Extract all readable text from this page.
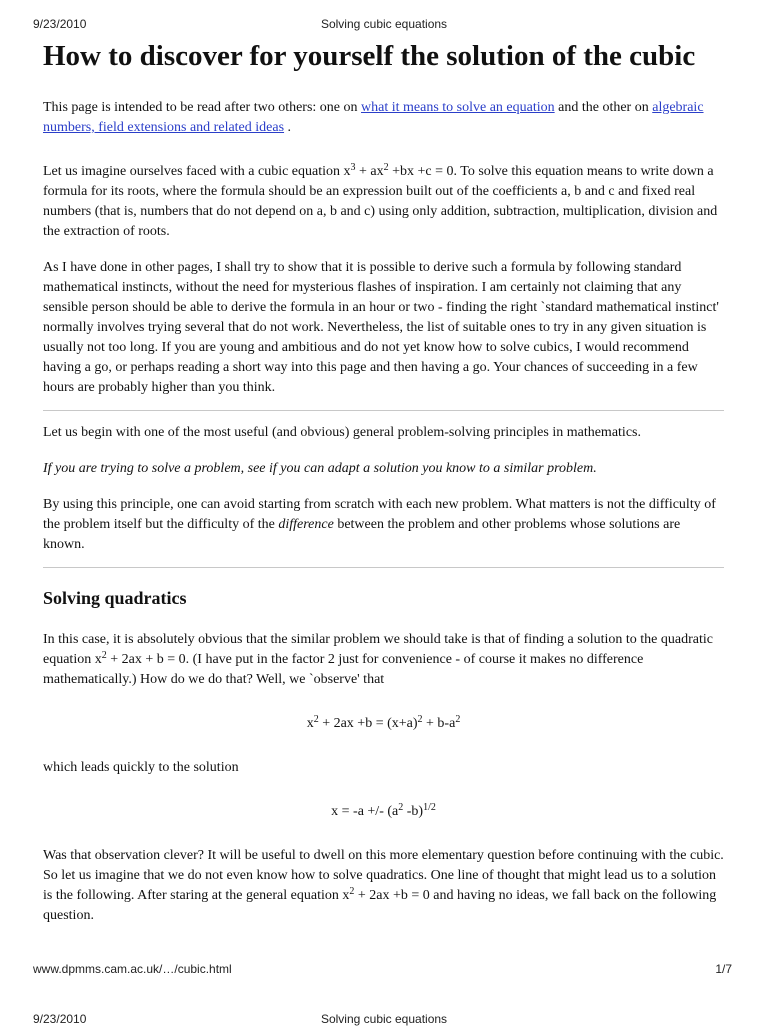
9/23/2010	Solving cubic equations
How to discover for yourself the solution of the cubic

This page is intended to be read after two others: one on what it means to solve an equation and the other on algebraic numbers, field extensions and related ideas .

Let us imagine ourselves faced with a cubic equation $x^3 + ax^2 +bx +c = 0$. To solve this equation means to write down a formula for its roots, where the formula should be an expression built out of the coefficients a, b and c and fixed real numbers (that is, numbers that do not depend on a, b and c) using only addition, subtraction, multiplication, division and the extraction of roots.

As I have done in other pages, I shall try to show that it is possible to derive such a formula by following standard mathematical instincts, without the need for mysterious flashes of inspiration. I am certainly not claiming that any sensible person should be able to derive the formula in an hour or two - finding the right `standard mathematical instinct' normally involves trying several that do not work. Nevertheless, the list of suitable ones to try in any given situation is usually not too long. If you are young and ambitious and do not yet know how to solve cubics, I would recommend having a go, or perhaps reading a short way into this page and then having a go. Your chances of succeeding in a few hours are probably higher than you think.

Let us begin with one of the most useful (and obvious) general problem-solving principles in mathematics.

If you are trying to solve a problem, see if you can adapt a solution you know to a similar problem.

By using this principle, one can avoid starting from scratch with each new problem. What matters is not the difficulty of the problem itself but the difficulty of the difference between the problem and other problems whose solutions are known.

Solving quadratics

In this case, it is absolutely obvious that the similar problem we should take is that of finding a solution to the quadratic equation $x^2 + 2ax + b = 0$. (I have put in the factor 2 just for convenience - of course it makes no difference mathematically.) How do we do that? Well, we `observe' that

$x^2 + 2ax +b = (x+a)^2 + b-a^2$

which leads quickly to the solution

x = -a +/- ($a^2$ -b)$^{1/2}$

Was that observation clever? It will be useful to dwell on this more elementary question before continuing with the cubic. So let us imagine that we do not even know how to solve quadratics. One line of thought that might lead us to a solution is the following. After staring at the general equation $x^2 + 2ax +b = 0$ and having no ideas, we fall back on the following question.

www.dpmms.cam.ac.uk/…/cubic.html	1/7
9/23/2010	Solving cubic equations
